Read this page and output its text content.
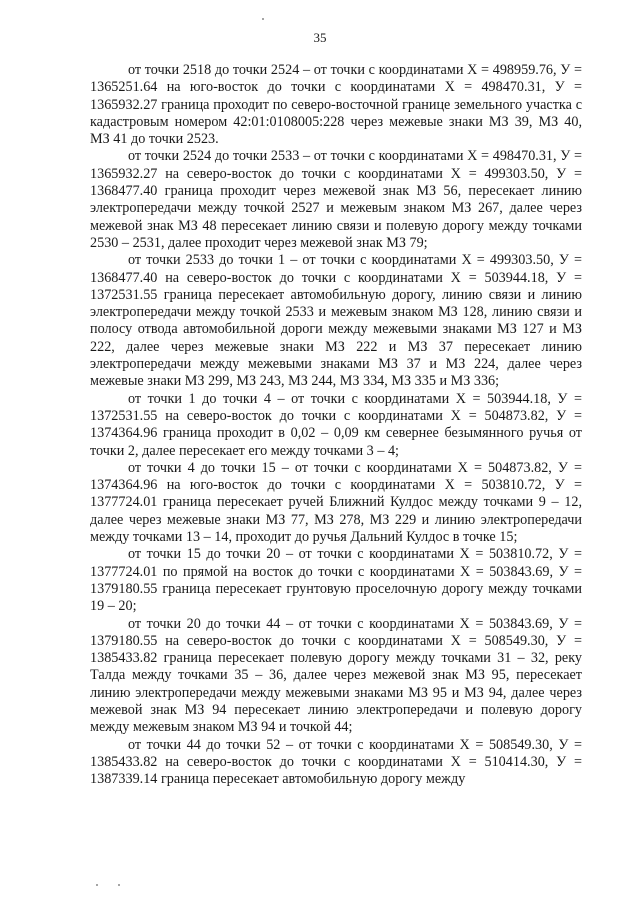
35

от точки 2518 до точки 2524 – от точки с координатами Х = 498959.76, У = 1365251.64 на юго-восток до точки с координатами Х = 498470.31, У = 1365932.27 граница проходит по северо-восточной границе земельного участка с кадастровым номером 42:01:0108005:228 через межевые знаки МЗ 39, МЗ 40, МЗ 41 до точки 2523.

от точки 2524 до точки 2533 – от точки с координатами Х = 498470.31, У = 1365932.27 на северо-восток до точки с координатами Х = 499303.50, У = 1368477.40 граница проходит через межевой знак МЗ 56, пересекает линию электропередачи между точкой 2527 и межевым знаком МЗ 267, далее через межевой знак МЗ 48 пересекает линию связи и полевую дорогу между точками 2530 – 2531, далее проходит через межевой знак МЗ 79;

от точки 2533 до точки 1 – от точки с координатами Х = 499303.50, У = 1368477.40 на северо-восток до точки с координатами Х = 503944.18, У = 1372531.55 граница пересекает автомобильную дорогу, линию связи и линию электропередачи между точкой 2533 и межевым знаком МЗ 128, линию связи и полосу отвода автомобильной дороги между межевыми знаками МЗ 127 и МЗ 222, далее через межевые знаки МЗ 222 и МЗ 37 пересекает линию электропередачи между межевыми знаками МЗ 37 и МЗ 224, далее через межевые знаки МЗ 299, МЗ 243, МЗ 244, МЗ 334, МЗ 335 и МЗ 336;

от точки 1 до точки 4 – от точки с координатами Х = 503944.18, У = 1372531.55 на северо-восток до точки с координатами Х = 504873.82, У = 1374364.96 граница проходит в 0,02 – 0,09 км севернее безымянного ручья от точки 2, далее пересекает его между точками 3 – 4;

от точки 4 до точки 15 – от точки с координатами Х = 504873.82, У = 1374364.96 на юго-восток до точки с координатами Х = 503810.72, У = 1377724.01 граница пересекает ручей Ближний Кулдос между точками 9 – 12, далее через межевые знаки МЗ 77, МЗ 278, МЗ 229 и линию электропередачи между точками 13 – 14, проходит до ручья Дальний Кулдос в точке 15;

от точки 15 до точки 20 – от точки с координатами Х = 503810.72, У = 1377724.01 по прямой на восток до точки с координатами Х = 503843.69, У = 1379180.55 граница пересекает грунтовую проселочную дорогу между точками 19 – 20;

от точки 20 до точки 44 – от точки с координатами Х = 503843.69, У = 1379180.55 на северо-восток до точки с координатами Х = 508549.30, У = 1385433.82 граница пересекает полевую дорогу между точками 31 – 32, реку Талда между точками 35 – 36, далее через межевой знак МЗ 95, пересекает линию электропередачи между межевыми знаками МЗ 95 и МЗ 94, далее через межевой знак МЗ 94 пересекает линию электропередачи и полевую дорогу между межевым знаком МЗ 94 и точкой 44;

от точки 44 до точки 52 – от точки с координатами Х = 508549.30, У = 1385433.82 на северо-восток до точки с координатами Х = 510414.30, У = 1387339.14 граница пересекает автомобильную дорогу между
